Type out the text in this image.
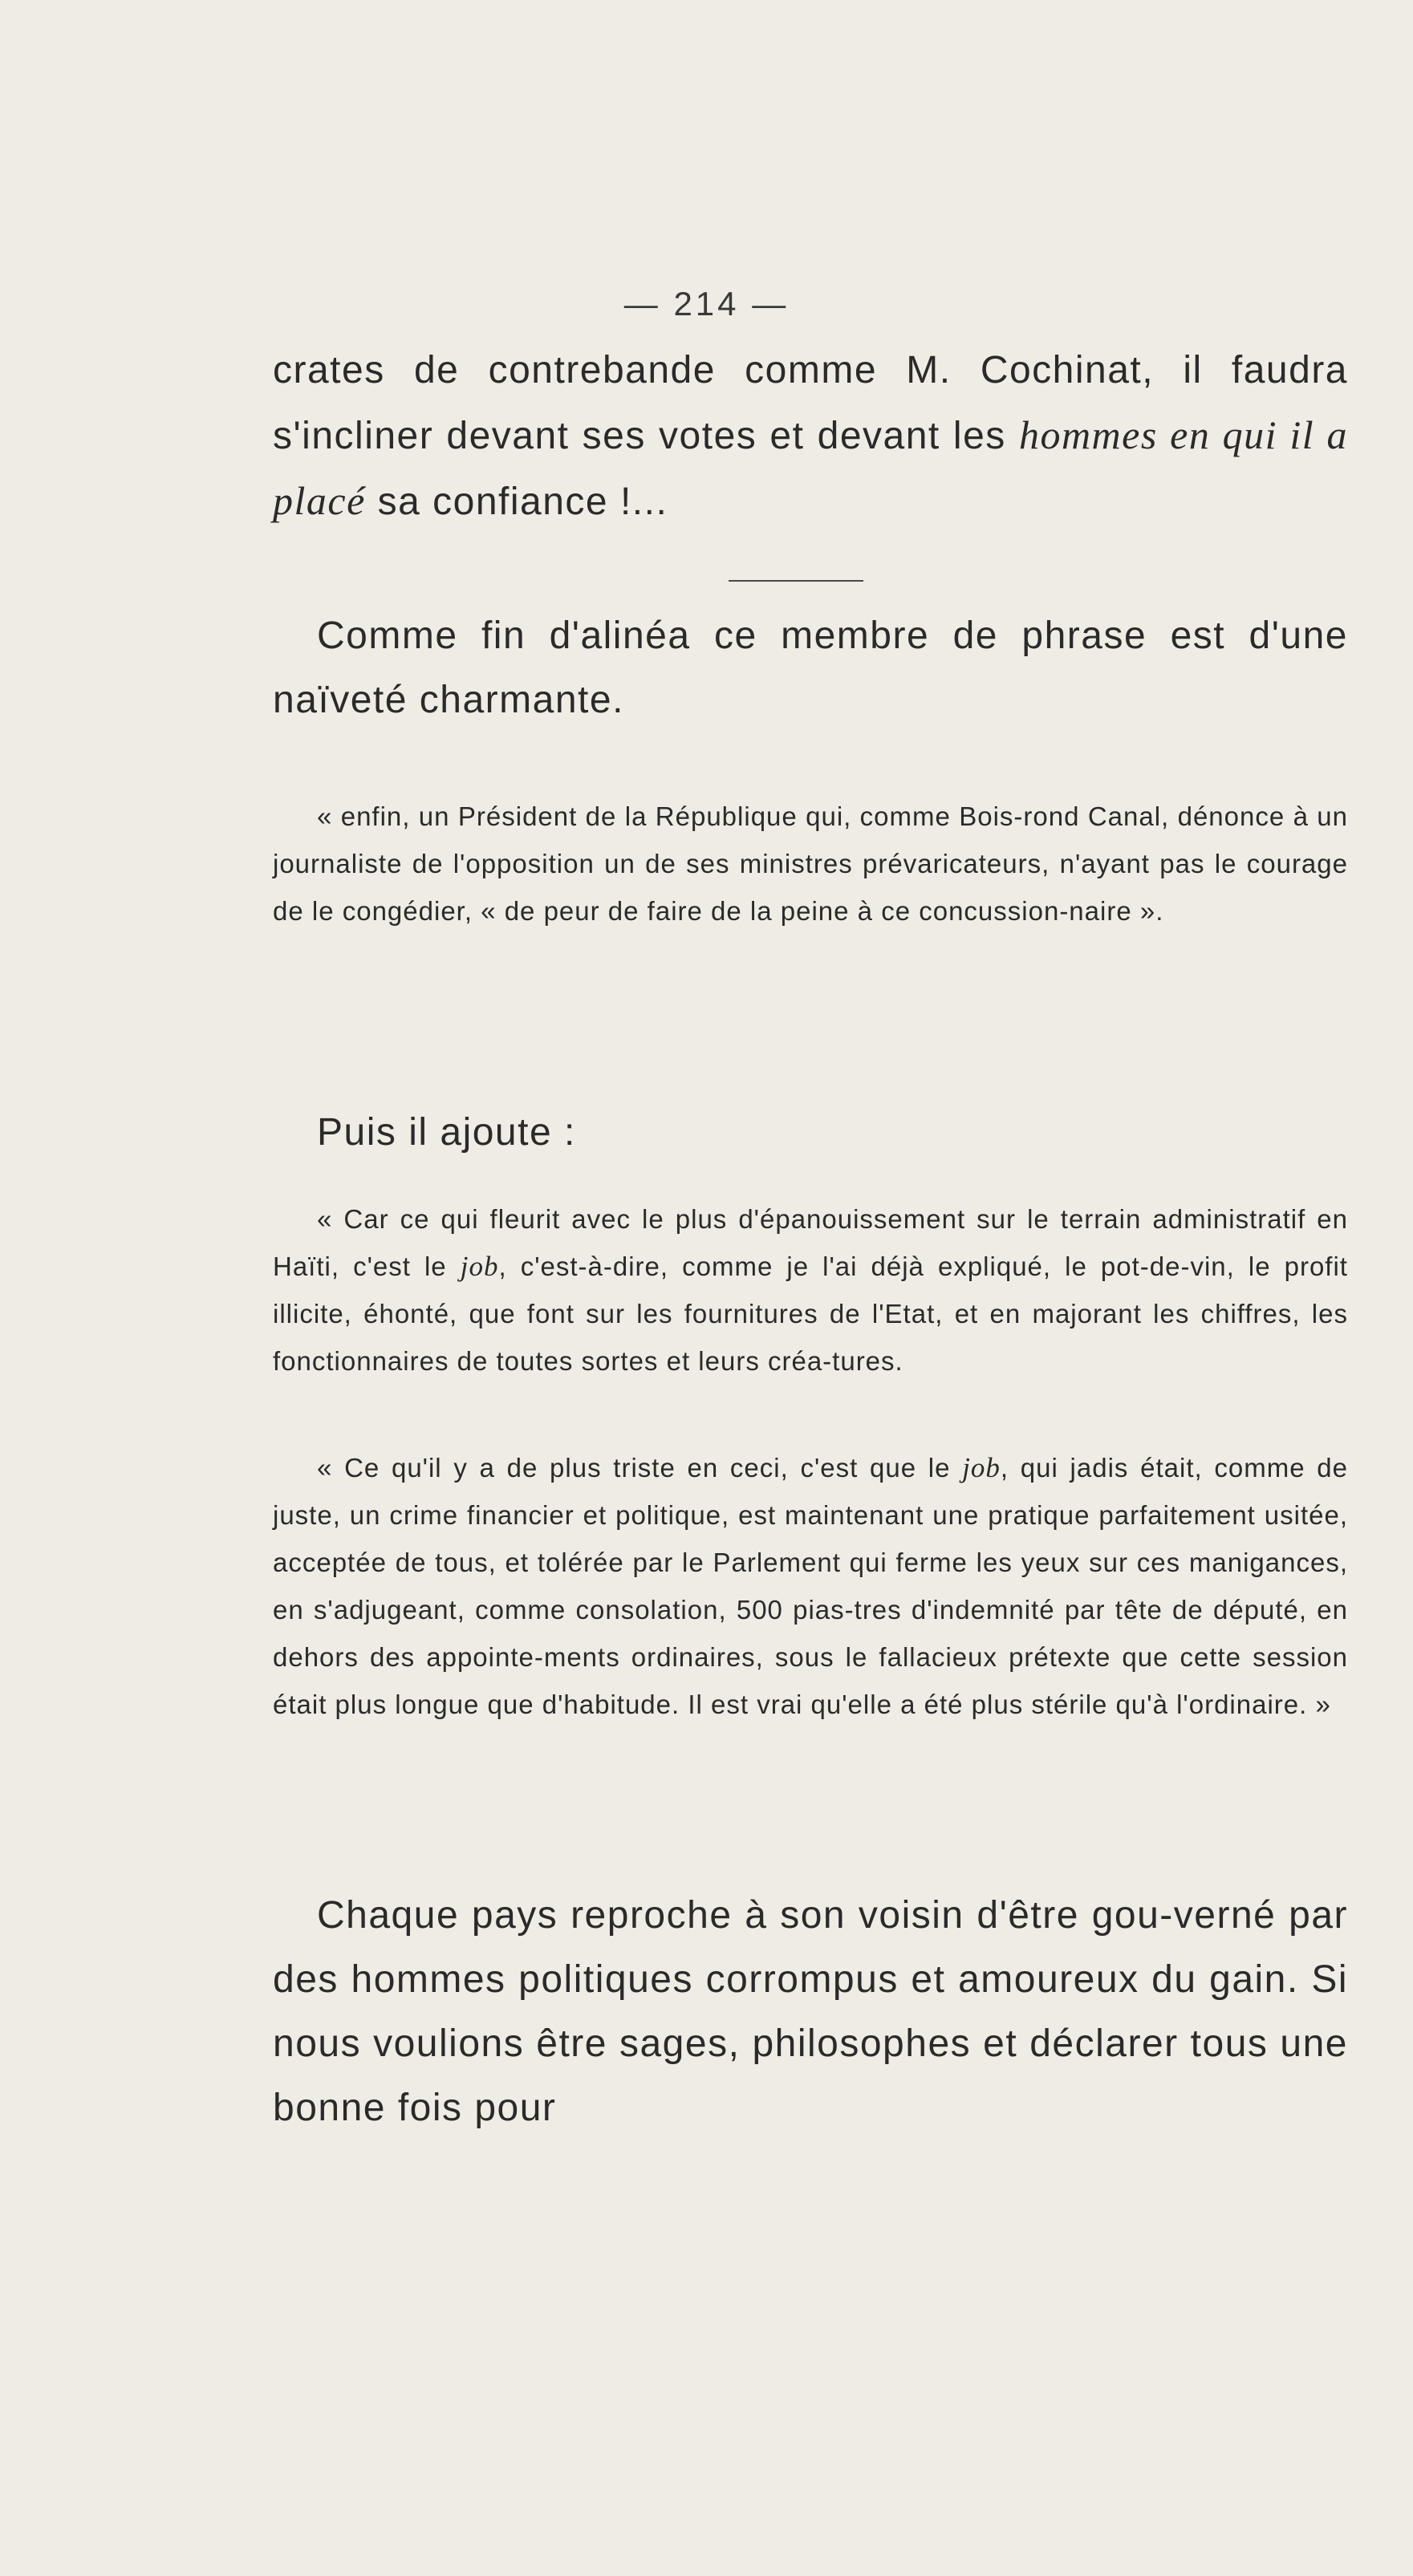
— 214 —

crates de contrebande comme M. Cochinat, il faudra s'incliner devant ses votes et devant les hommes en qui il a placé sa confiance !...

Comme fin d'alinéa ce membre de phrase est d'une naïveté charmante.

« enfin, un Président de la République qui, comme Bois-rond Canal, dénonce à un journaliste de l'opposition un de ses ministres prévaricateurs, n'ayant pas le courage de le congédier, « de peur de faire de la peine à ce concussion-naire ».

Puis il ajoute :

« Car ce qui fleurit avec le plus d'épanouissement sur le terrain administratif en Haïti, c'est le job, c'est-à-dire, comme je l'ai déjà expliqué, le pot-de-vin, le profit illicite, éhonté, que font sur les fournitures de l'Etat, et en majorant les chiffres, les fonctionnaires de toutes sortes et leurs créa-tures.

« Ce qu'il y a de plus triste en ceci, c'est que le job, qui jadis était, comme de juste, un crime financier et politique, est maintenant une pratique parfaitement usitée, acceptée de tous, et tolérée par le Parlement qui ferme les yeux sur ces manigances, en s'adjugeant, comme consolation, 500 pias-tres d'indemnité par tête de député, en dehors des appointe-ments ordinaires, sous le fallacieux prétexte que cette session était plus longue que d'habitude. Il est vrai qu'elle a été plus stérile qu'à l'ordinaire. »

Chaque pays reproche à son voisin d'être gou-verné par des hommes politiques corrompus et amoureux du gain. Si nous voulions être sages, philosophes et déclarer tous une bonne fois pour
